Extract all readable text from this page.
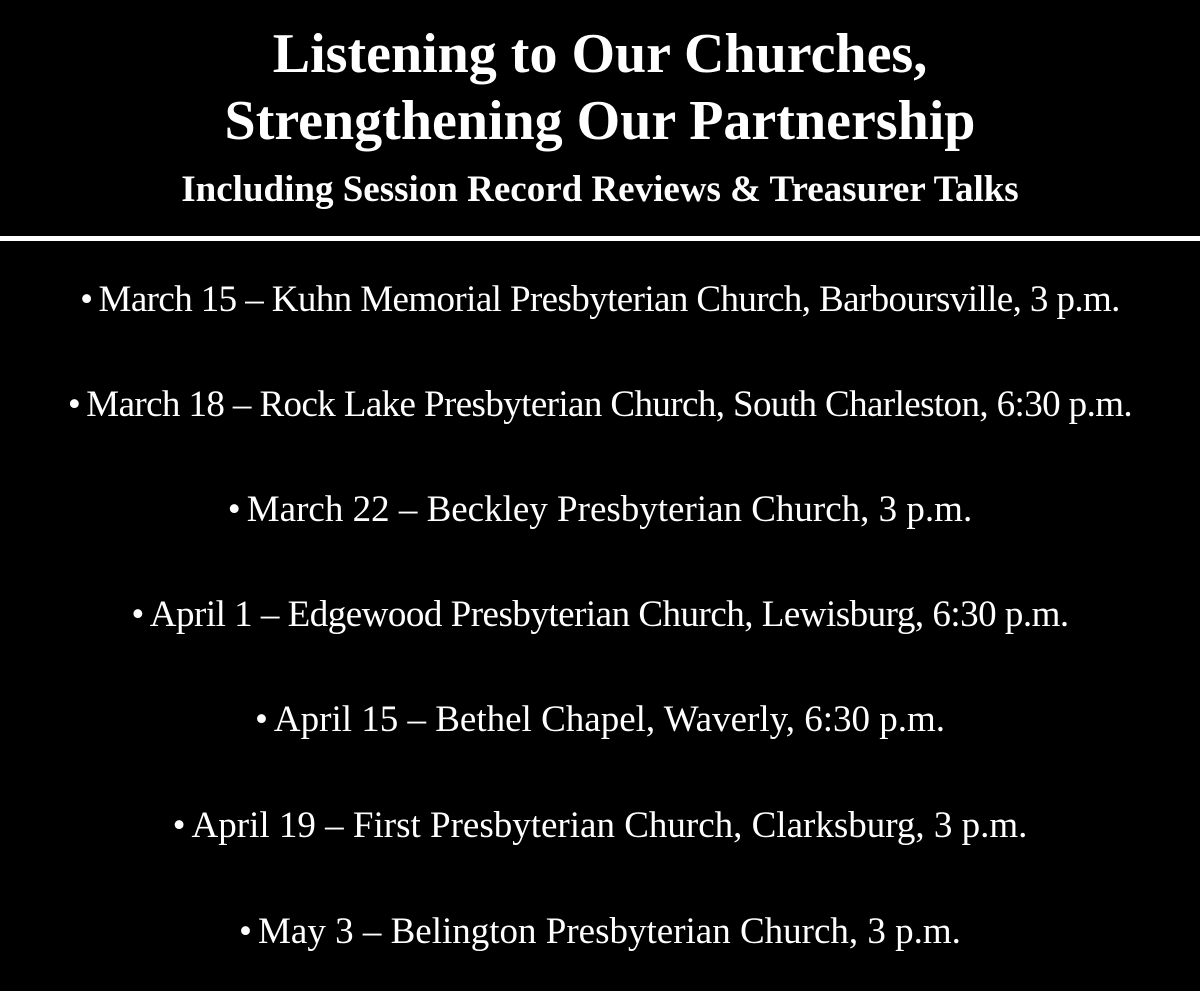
Listening to Our Churches,
Strengthening Our Partnership
Including Session Record Reviews & Treasurer Talks
• March 15 – Kuhn Memorial Presbyterian Church, Barboursville, 3 p.m.
• March 18 – Rock Lake Presbyterian Church, South Charleston, 6:30 p.m.
• March 22 – Beckley Presbyterian Church, 3 p.m.
• April 1 – Edgewood Presbyterian Church, Lewisburg, 6:30 p.m.
• April 15 – Bethel Chapel, Waverly, 6:30 p.m.
• April 19 – First Presbyterian Church, Clarksburg, 3 p.m.
• May 3 – Belington Presbyterian Church, 3 p.m.
